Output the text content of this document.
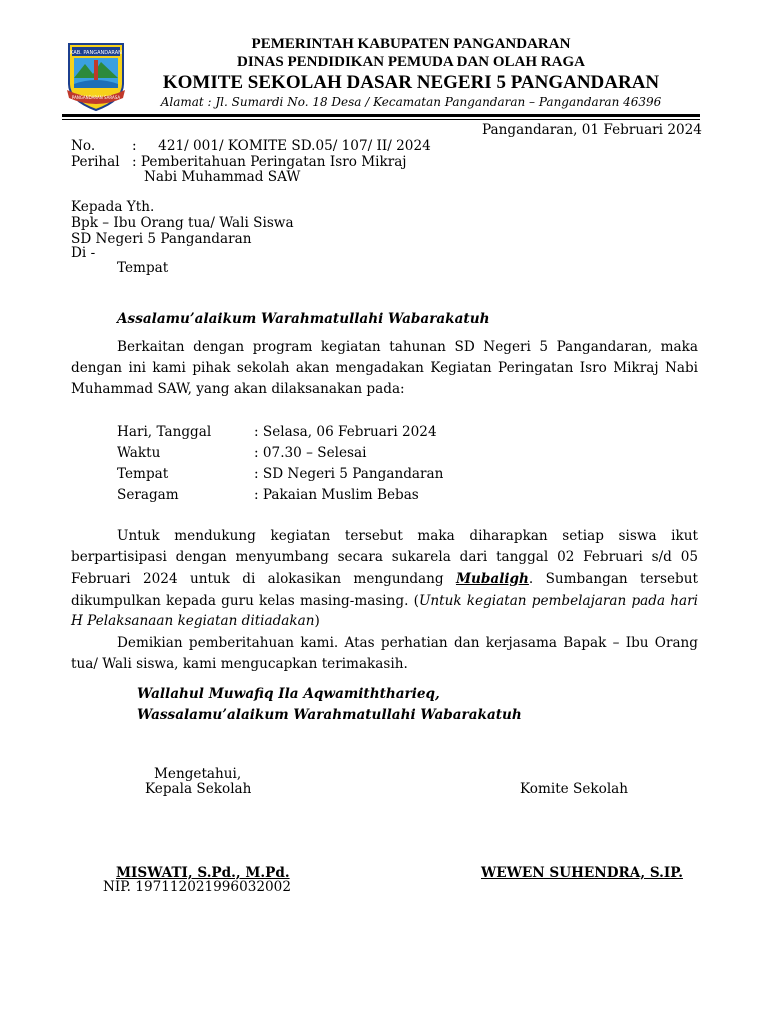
KAB. PANGANDARAN
PANGANDARAN SARASA
PEMERINTAH KABUPATEN PANGANDARAN
DINAS PENDIDIKAN PEMUDA DAN OLAH RAGA
KOMITE SEKOLAH DASAR NEGERI 5 PANGANDARAN
Alamat : Jl. Sumardi No. 18 Desa / Kecamatan Pangandaran – Pangandaran 46396
Pangandaran, 01 Februari 2024
No.	:     421/ 001/ KOMITE SD.05/ 107/ II/ 2024
Perihal : Pemberitahuan Peringatan Isro Mikraj
Nabi Muhammad SAW
Kepada Yth.
Bpk – Ibu Orang tua/ Wali Siswa
SD Negeri 5 Pangandaran
Di -
Tempat
Assalamu’alaikum Warahmatullahi Wabarakatuh
Berkaitan dengan program kegiatan tahunan SD Negeri 5 Pangandaran, maka
dengan ini kami pihak sekolah akan mengadakan Kegiatan Peringatan Isro Mikraj Nabi
Muhammad SAW, yang akan dilaksanakan pada:
Hari, Tanggal	: Selasa, 06 Februari 2024
Waktu	: 07.30 – Selesai
Tempat	: SD Negeri 5 Pangandaran
Seragam	: Pakaian Muslim Bebas
Untuk mendukung kegiatan tersebut maka diharapkan setiap siswa ikut
berpartisipasi dengan menyumbang secara sukarela dari tanggal 02 Februari s/d 05
Februari 2024 untuk di alokasikan mengundang Mubaligh. Sumbangan tersebut
dikumpulkan kepada guru kelas masing-masing. (Untuk kegiatan pembelajaran pada hari
H Pelaksanaan kegiatan ditiadakan)
Demikian pemberitahuan kami. Atas perhatian dan kerjasama Bapak – Ibu Orang
tua/ Wali siswa, kami mengucapkan terimakasih.
Wallahul Muwafiq Ila Aqwamiththarieq,
Wassalamu’alaikum Warahmatullahi Wabarakatuh
Mengetahui,
Kepala Sekolah	Komite Sekolah
MISWATI, S.Pd., M.Pd.
NIP. 197112021996032002
WEWEN SUHENDRA, S.IP.
